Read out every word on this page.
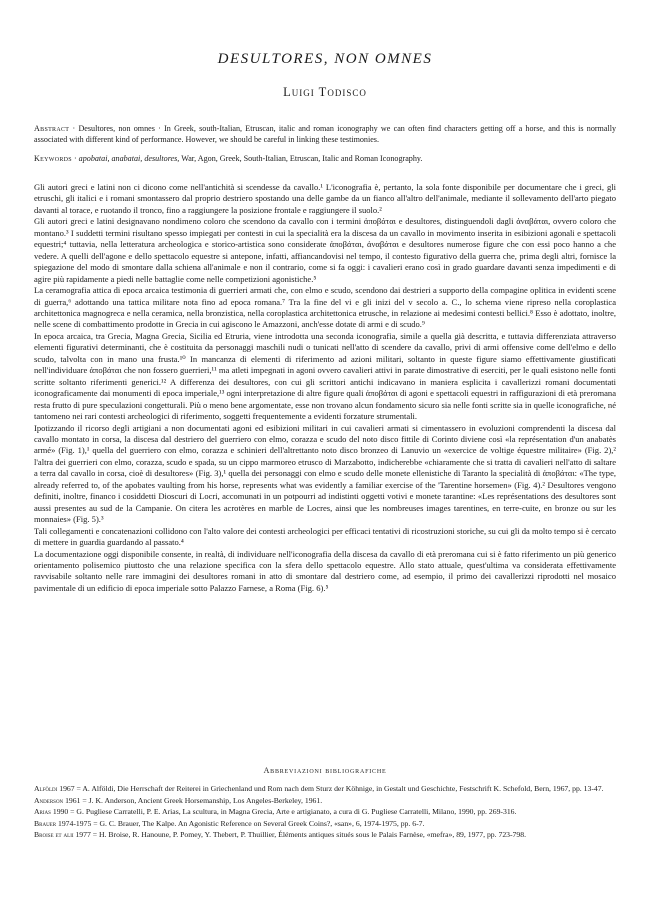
DESULTORES, NON OMNES
Luigi Todisco
Abstract · Desultores, non omnes · In Greek, south-Italian, Etruscan, italic and roman iconography we can often find characters getting off a horse, and this is normally associated with different kind of performance. However, we should be careful in linking these testimonies.
Keywords · apobatai, anabatai, desultores, War, Agon, Greek, South-Italian, Etruscan, Italic and Roman Iconography.

Gli autori greci e latini non ci dicono come nell'antichità si scendesse da cavallo.¹ L'iconografia è, pertanto, la sola fonte disponibile per documentare che i greci, gli etruschi, gli italici e i romani smontassero dal proprio destriero spostando una delle gambe da un fianco all'altro dell'animale, mediante il sollevamento dell'arto piegato davanti al torace, e ruotando il tronco, fino a raggiungere la posizione frontale e raggiungere il suolo.²

Gli autori greci e latini designavano nondimeno coloro che scendono da cavallo con i termini ἀποβάται e desultores, distinguendoli dagli ἀναβάται, ovvero coloro che montano.³ I suddetti termini risultano spesso impiegati per contesti in cui la specialità era la discesa da un cavallo in movimento inserita in esibizioni agonali e spettacoli equestri;⁴ tuttavia, nella letteratura archeologica e storico-artistica sono considerate ἀποβάται, ἀναβάται e desultores numerose figure che con essi poco hanno a che vedere. A quelli dell'agone e dello spettacolo equestre si antepone, infatti, affiancandovisi nel tempo, il contesto figurativo della guerra che, prima degli altri, fornisce la spiegazione del modo di smontare dalla schiena all'animale e non il contrario, come si fa oggi: i cavalieri erano così in grado guardare davanti senza impedimenti e di agire più rapidamente a piedi nelle battaglie come nelle competizioni agonistiche.⁵

La ceramografia attica di epoca arcaica testimonia di guerrieri armati che, con elmo e scudo, scendono dai destrieri a supporto della compagine oplitica in evidenti scene di guerra,⁶ adottando una tattica militare nota fino ad epoca romana.⁷ Tra la fine del vi e gli inizi del v secolo a. C., lo schema viene ripreso nella coroplastica architettonica magnogreca e nella ceramica, nella bronzistica, nella coroplastica architettonica etrusche, in relazione ai medesimi contesti bellici.⁸ Esso è adottato, inoltre, nelle scene di combattimento prodotte in Grecia in cui agiscono le Amazzoni, anch'esse dotate di armi e di scudo.⁹

In epoca arcaica, tra Grecia, Magna Grecia, Sicilia ed Etruria, viene introdotta una seconda iconografia, simile a quella già descritta, e tuttavia differenziata attraverso elementi figurativi determinanti, che è costituita da personaggi maschili nudi o tunicati nell'atto di scendere da cavallo, privi di armi offensive come dell'elmo e dello scudo, talvolta con in mano una frusta.¹⁰ In mancanza di elementi di riferimento ad azioni militari, soltanto in queste figure siamo effettivamente giustificati nell'individuare ἀποβάται che non fossero guerrieri,¹¹ ma atleti impegnati in agoni ovvero cavalieri attivi in parate dimostrative di eserciti, per le quali esistono nelle fonti scritte soltanto riferimenti generici.¹² A differenza dei desultores, con cui gli scrittori antichi indicavano in maniera esplicita i cavallerizzi romani documentati iconograficamente dai monumenti di epoca imperiale,¹³ ogni interpretazione di altre figure quali ἀποβάται di agoni e spettacoli equestri in raffigurazioni di età preromana resta frutto di pure speculazioni congetturali. Più o meno bene argomentate, esse non trovano alcun fondamento sicuro sia nelle fonti scritte sia in quelle iconografiche, né tantomeno nei rari contesti archeologici di riferimento, soggetti frequentemente a evidenti forzature strumentali.

Ipotizzando il ricorso degli artigiani a non documentati agoni ed esibizioni militari in cui cavalieri armati si cimentassero in evoluzioni comprendenti la discesa dal cavallo montato in corsa, la discesa dal destriero del guerriero con elmo, corazza e scudo del noto disco fittile di Corinto diviene così «la représentation d'un anabatès armé» (Fig. 1),¹ quella del guerriero con elmo, corazza e schinieri dell'altrettanto noto disco bronzeo di Lanuvio un «exercice de voltige équestre militaire» (Fig. 2),² l'altra dei guerrieri con elmo, corazza, scudo e spada, su un cippo marmoreo etrusco di Marzabotto, indicherebbe «chiaramente che si tratta di cavalieri nell'atto di saltare a terra dal cavallo in corsa, cioè di desultores» (Fig. 3),¹ quella dei personaggi con elmo e scudo delle monete ellenistiche di Taranto la specialità di ἀποβάται: «The type, already referred to, of the apobates vaulting from his horse, represents what was evidently a familiar exercise of the 'Tarentine horsemen» (Fig. 4).² Desultores vengono definiti, inoltre, financo i cosiddetti Dioscuri di Locri, accomunati in un potpourri ad indistinti oggetti votivi e monete tarantine: «Les représentations des desultores sont aussi presentes au sud de la Campanie. On citera les acrotères en marble de Locres, ainsi que les nombreuses images tarentines, en terre-cuite, en bronze ou sur les monnaies» (Fig. 5).³

Tali collegamenti e concatenazioni collidono con l'alto valore dei contesti archeologici per efficaci tentativi di ricostruzioni storiche, su cui gli da molto tempo si è cercato di mettere in guardia guardando al passato.⁴

La documentazione oggi disponibile consente, in realtà, di individuare nell'iconografia della discesa da cavallo di età preromana cui si è fatto riferimento un più generico orientamento polisemico piuttosto che una relazione specifica con la sfera dello spettacolo equestre. Allo stato attuale, quest'ultima va considerata effettivamente ravvisabile soltanto nelle rare immagini dei desultores romani in atto di smontare dal destriero come, ad esempio, il primo dei cavallerizzi riprodotti nel mosaico pavimentale di un edificio di epoca imperiale sotto Palazzo Farnese, a Roma (Fig. 6).⁵

Abbreviazioni bibliografiche

Alföldi 1967 = A. Alföldi, Die Herrschaft der Reiterei in Griechenland und Rom nach dem Sturz der Köhnige, in Gestalt und Geschichte, Festschrift K. Schefold, Bern, 1967, pp. 13-47.

Anderson 1961 = J. K. Anderson, Ancient Greek Horsemanship, Los Angeles-Berkeley, 1961.

Arias 1990 = G. Pugliese Carratelli, P. E. Arias, La scultura, in Magna Grecia, Arte e artigianato, a cura di G. Pugliese Carratelli, Milano, 1990, pp. 269-316.

Brauer 1974-1975 = G. C. Brauer, The Kalpe. An Agonistic Reference on Several Greek Coins?, «san», 6, 1974-1975, pp. 6-7.

Broise et alii 1977 = H. Broise, R. Hanoune, P. Pomey, Y. Thebert, P. Thuillier, Éléments antiques situés sous le Palais Farnèse, «mefra», 89, 1977, pp. 723-798.
